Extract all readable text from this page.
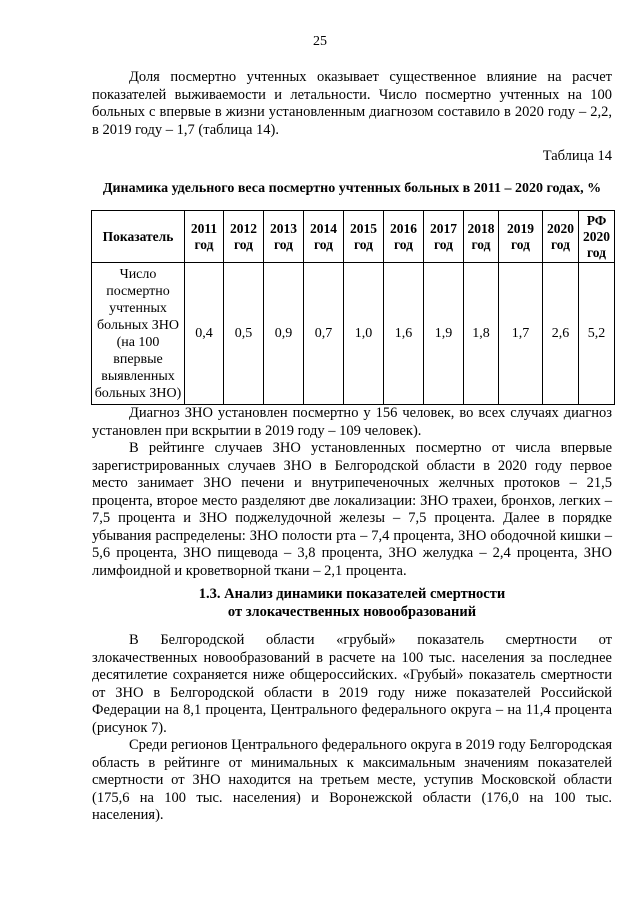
25

Доля посмертно учтенных оказывает существенное влияние на расчет показателей выживаемости и летальности. Число посмертно учтенных на 100 больных с впервые в жизни установленным диагнозом составило в 2020 году – 2,2, в 2019 году – 1,7 (таблица 14).

Таблица 14
Динамика удельного веса посмертно учтенных больных в 2011 – 2020 годах, %
Показатель	2011 год	2012 год	2013 год	2014 год	2015 год	2016 год	2017 год	2018 год	2019 год	2020 год	РФ 2020 год
Число посмертно учтенных больных ЗНО (на 100 впервые выявленных больных ЗНО)	0,4	0,5	0,9	0,7	1,0	1,6	1,9	1,8	1,7	2,6	5,2

Диагноз ЗНО установлен посмертно у 156 человек, во всех случаях диагноз установлен при вскрытии в 2019 году – 109 человек).

В рейтинге случаев ЗНО установленных посмертно от числа впервые зарегистрированных случаев ЗНО в Белгородской области в 2020 году первое место занимает ЗНО печени и внутрипеченочных желчных протоков – 21,5 процента, второе место разделяют две локализации: ЗНО трахеи, бронхов, легких – 7,5 процента и ЗНО поджелудочной железы – 7,5 процента. Далее в порядке убывания распределены: ЗНО полости рта – 7,4 процента, ЗНО ободочной кишки – 5,6 процента, ЗНО пищевода – 3,8 процента, ЗНО желудка – 2,4 процента, ЗНО лимфоидной и кроветворной ткани – 2,1 процента.

1.3. Анализ динамики показателей смертности
от злокачественных новообразований

В Белгородской области «грубый» показатель смертности от злокачественных новообразований в расчете на 100 тыс. населения за последнее десятилетие сохраняется ниже общероссийских. «Грубый» показатель смертности от ЗНО в Белгородской области в 2019 году ниже показателей Российской Федерации на 8,1 процента, Центрального федерального округа – на 11,4 процента (рисунок 7).

Среди регионов Центрального федерального округа в 2019 году Белгородская область в рейтинге от минимальных к максимальным значениям показателей смертности от ЗНО находится на третьем месте, уступив Московской области (175,6 на 100 тыс. населения) и Воронежской области (176,0 на 100 тыс. населения).
